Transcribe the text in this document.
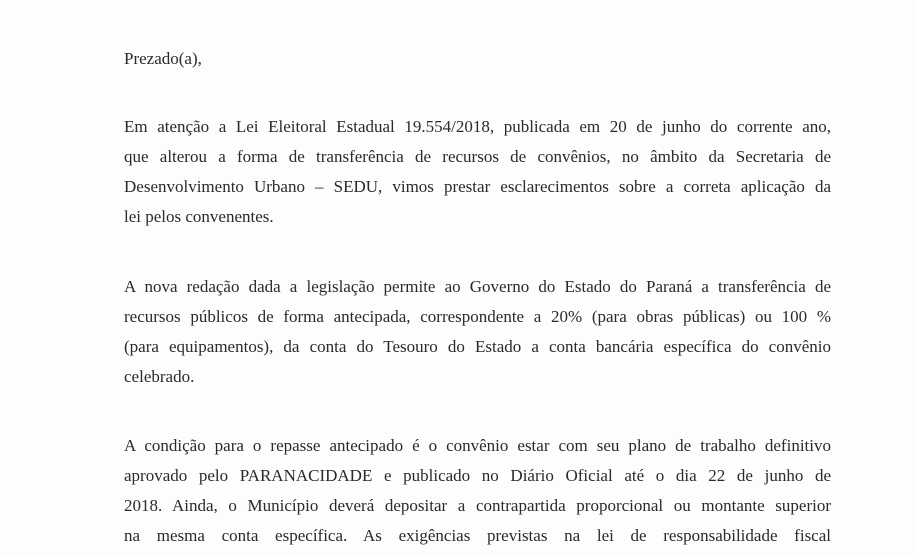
Prezado(a),

Em atenção a Lei Eleitoral Estadual 19.554/2018, publicada em 20 de junho do corrente ano,
que alterou a forma de transferência de recursos de convênios, no âmbito da Secretaria de
Desenvolvimento Urbano – SEDU, vimos prestar esclarecimentos sobre a correta aplicação da
lei pelos convenentes.

A nova redação dada a legislação permite ao Governo do Estado do Paraná a transferência de
recursos públicos de forma antecipada, correspondente a 20% (para obras públicas) ou 100 %
(para equipamentos), da conta do Tesouro do Estado a conta bancária específica do convênio
celebrado.

A condição para o repasse antecipado é o convênio estar com seu plano de trabalho definitivo
aprovado pelo PARANACIDADE e publicado no Diário Oficial até o dia 22 de junho de
2018. Ainda, o Município deverá depositar a contrapartida proporcional ou montante superior
na mesma conta específica. As exigências previstas na lei de responsabilidade fiscal
